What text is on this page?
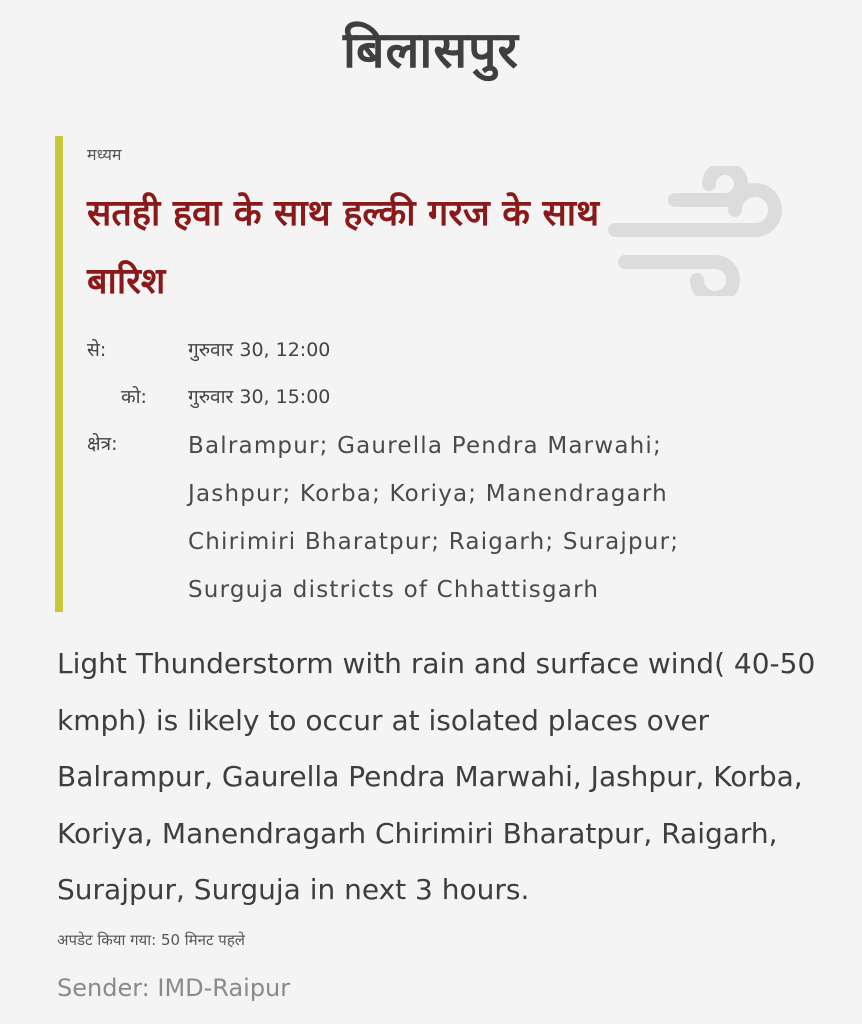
बिलासपुर
मध्यम
सतही हवा के साथ हल्की गरज के साथ बारिश
से:	गुरुवार 30, 12:00
को: गुरुवार 30, 15:00
क्षेत्र:	Balrampur; Gaurella Pendra Marwahi; Jashpur; Korba; Koriya; Manendragarh Chirimiri Bharatpur; Raigarh; Surajpur; Surguja districts of Chhattisgarh
Light Thunderstorm with rain and surface wind( 40-50 kmph) is likely to occur at isolated places over Balrampur, Gaurella Pendra Marwahi, Jashpur, Korba, Koriya, Manendragarh Chirimiri Bharatpur, Raigarh, Surajpur, Surguja in next 3 hours.
अपडेट किया गया: 50 मिनट पहले
Sender: IMD-Raipur
